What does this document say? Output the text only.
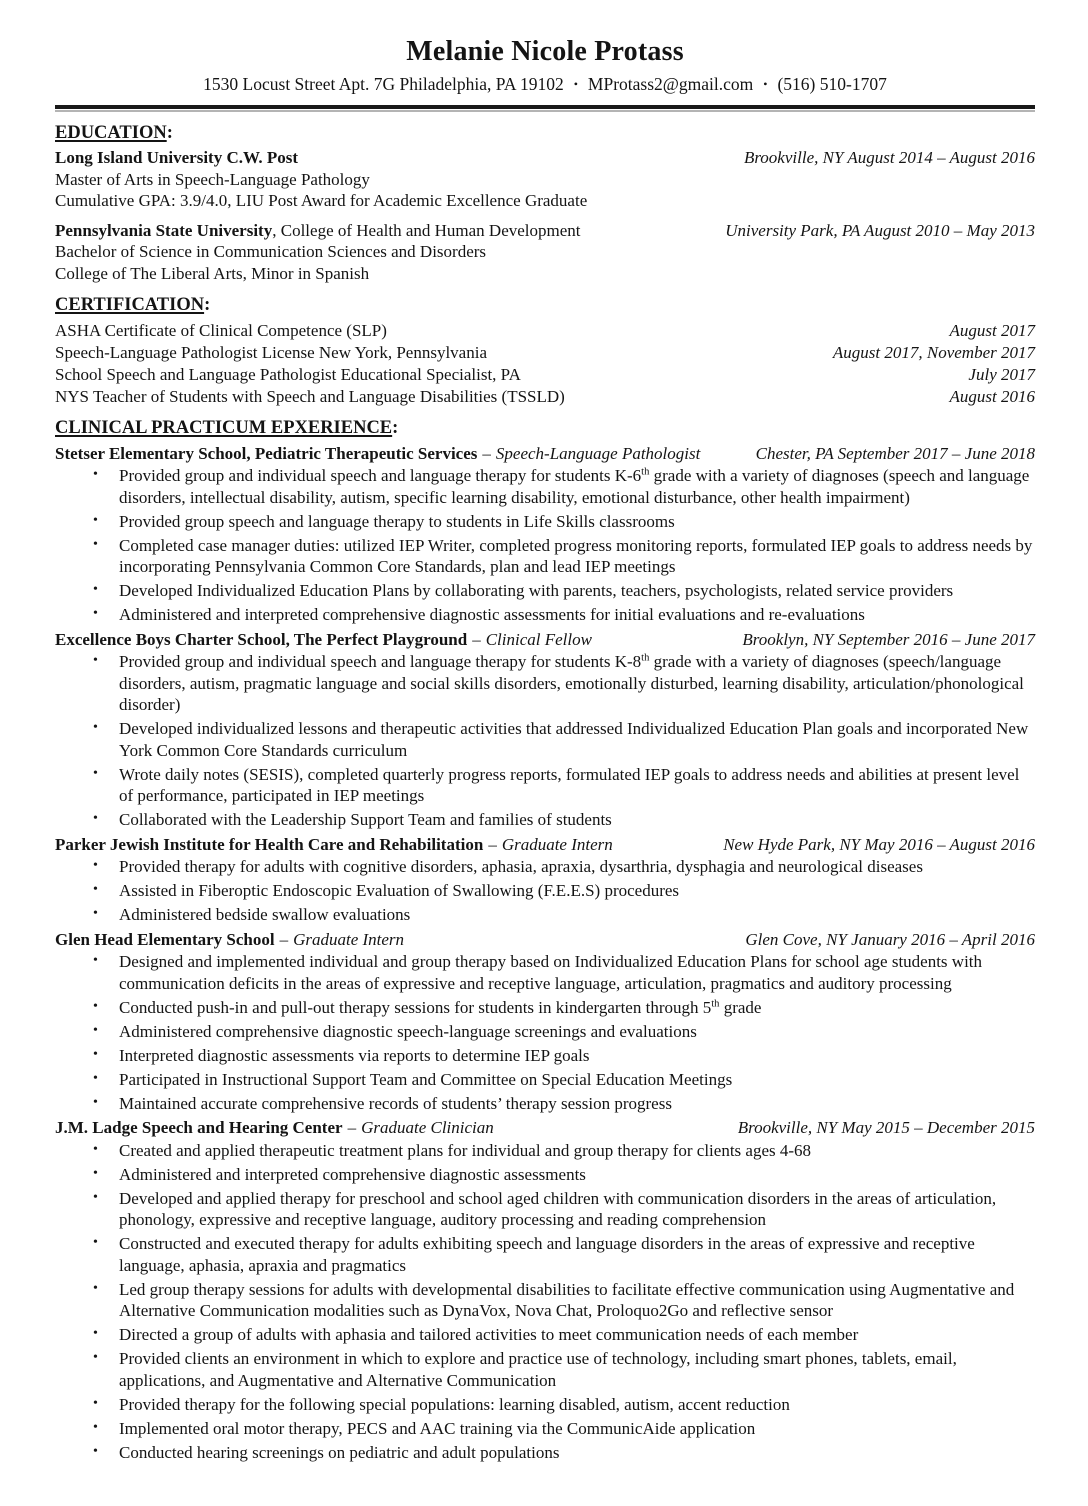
Melanie Nicole Protass
1530 Locust Street Apt. 7G Philadelphia, PA 19102 • MProtass2@gmail.com • (516) 510-1707
EDUCATION:
Long Island University C.W. Post	Brookville, NY August 2014 – August 2016
Master of Arts in Speech-Language Pathology
Cumulative GPA: 3.9/4.0, LIU Post Award for Academic Excellence Graduate
Pennsylvania State University, College of Health and Human Development	University Park, PA August 2010 – May 2013
Bachelor of Science in Communication Sciences and Disorders
College of The Liberal Arts, Minor in Spanish
CERTIFICATION:
ASHA Certificate of Clinical Competence (SLP)	August 2017
Speech-Language Pathologist License New York, Pennsylvania	August 2017, November 2017
School Speech and Language Pathologist Educational Specialist, PA	July 2017
NYS Teacher of Students with Speech and Language Disabilities (TSSLD)	August 2016
CLINICAL PRACTICUM EPXERIENCE:
Stetser Elementary School, Pediatric Therapeutic Services – Speech-Language Pathologist	Chester, PA September 2017 – June 2018
• Provided group and individual speech and language therapy for students K-6th grade with a variety of diagnoses (speech and language disorders, intellectual disability, autism, specific learning disability, emotional disturbance, other health impairment)
• Provided group speech and language therapy to students in Life Skills classrooms
• Completed case manager duties: utilized IEP Writer, completed progress monitoring reports, formulated IEP goals to address needs by incorporating Pennsylvania Common Core Standards, plan and lead IEP meetings
• Developed Individualized Education Plans by collaborating with parents, teachers, psychologists, related service providers
• Administered and interpreted comprehensive diagnostic assessments for initial evaluations and re-evaluations
Excellence Boys Charter School, The Perfect Playground – Clinical Fellow	Brooklyn, NY September 2016 – June 2017
• Provided group and individual speech and language therapy for students K-8th grade with a variety of diagnoses (speech/language disorders, autism, pragmatic language and social skills disorders, emotionally disturbed, learning disability, articulation/phonological disorder)
• Developed individualized lessons and therapeutic activities that addressed Individualized Education Plan goals and incorporated New York Common Core Standards curriculum
• Wrote daily notes (SESIS), completed quarterly progress reports, formulated IEP goals to address needs and abilities at present level of performance, participated in IEP meetings
• Collaborated with the Leadership Support Team and families of students
Parker Jewish Institute for Health Care and Rehabilitation – Graduate Intern	New Hyde Park, NY May 2016 – August 2016
• Provided therapy for adults with cognitive disorders, aphasia, apraxia, dysarthria, dysphagia and neurological diseases
• Assisted in Fiberoptic Endoscopic Evaluation of Swallowing (F.E.E.S) procedures
• Administered bedside swallow evaluations
Glen Head Elementary School – Graduate Intern	Glen Cove, NY January 2016 – April 2016
• Designed and implemented individual and group therapy based on Individualized Education Plans for school age students with communication deficits in the areas of expressive and receptive language, articulation, pragmatics and auditory processing
• Conducted push-in and pull-out therapy sessions for students in kindergarten through 5th grade
• Administered comprehensive diagnostic speech-language screenings and evaluations
• Interpreted diagnostic assessments via reports to determine IEP goals
• Participated in Instructional Support Team and Committee on Special Education Meetings
• Maintained accurate comprehensive records of students’ therapy session progress
J.M. Ladge Speech and Hearing Center – Graduate Clinician	Brookville, NY May 2015 – December 2015
• Created and applied therapeutic treatment plans for individual and group therapy for clients ages 4-68
• Administered and interpreted comprehensive diagnostic assessments
• Developed and applied therapy for preschool and school aged children with communication disorders in the areas of articulation, phonology, expressive and receptive language, auditory processing and reading comprehension
• Constructed and executed therapy for adults exhibiting speech and language disorders in the areas of expressive and receptive language, aphasia, apraxia and pragmatics
• Led group therapy sessions for adults with developmental disabilities to facilitate effective communication using Augmentative and Alternative Communication modalities such as DynaVox, Nova Chat, Proloquo2Go and reflective sensor
• Directed a group of adults with aphasia and tailored activities to meet communication needs of each member
• Provided clients an environment in which to explore and practice use of technology, including smart phones, tablets, email, applications, and Augmentative and Alternative Communication
• Provided therapy for the following special populations: learning disabled, autism, accent reduction
• Implemented oral motor therapy, PECS and AAC training via the CommunicAide application
• Conducted hearing screenings on pediatric and adult populations
